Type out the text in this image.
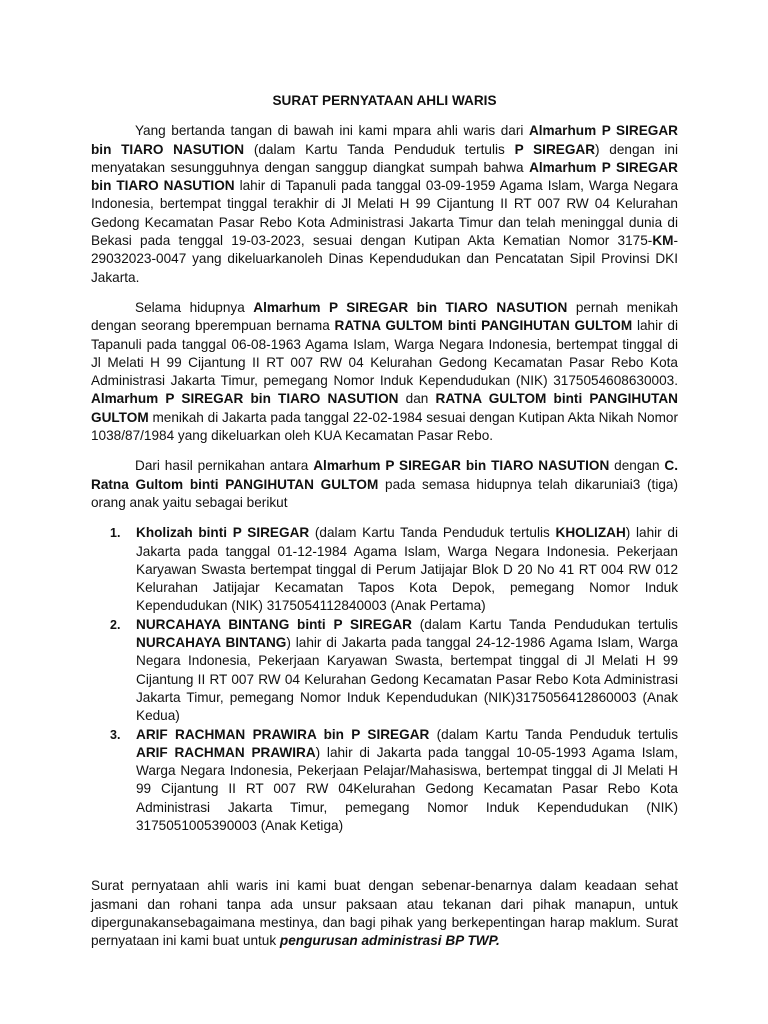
SURAT PERNYATAAN AHLI WARIS

Yang bertanda tangan di bawah ini kami mpara ahli waris dari Almarhum P SIREGAR bin TIARO NASUTION (dalam Kartu Tanda Penduduk tertulis P SIREGAR) dengan ini menyatakan sesungguhnya dengan sanggup diangkat sumpah bahwa Almarhum P SIREGAR bin TIARO NASUTION lahir di Tapanuli pada tanggal 03-09-1959 Agama Islam, Warga Negara Indonesia, bertempat tinggal terakhir di Jl Melati H 99 Cijantung II RT 007 RW 04 Kelurahan Gedong Kecamatan Pasar Rebo Kota Administrasi Jakarta Timur dan telah meninggal dunia di Bekasi pada tenggal 19-03-2023, sesuai dengan Kutipan Akta Kematian Nomor 3175-KM-29032023-0047 yang dikeluarkanoleh Dinas Kependudukan dan Pencatatan Sipil Provinsi DKI Jakarta.

Selama hidupnya Almarhum P SIREGAR bin TIARO NASUTION pernah menikah dengan seorang bperempuan bernama RATNA GULTOM binti PANGIHUTAN GULTOM lahir di Tapanuli pada tanggal 06-08-1963 Agama Islam, Warga Negara Indonesia, bertempat tinggal di Jl Melati H 99 Cijantung II RT 007 RW 04 Kelurahan Gedong Kecamatan Pasar Rebo Kota Administrasi Jakarta Timur, pemegang Nomor Induk Kependudukan (NIK) 3175054608630003. Almarhum P SIREGAR bin TIARO NASUTION dan RATNA GULTOM binti PANGIHUTAN GULTOM menikah di Jakarta pada tanggal 22-02-1984 sesuai dengan Kutipan Akta Nikah Nomor 1038/87/1984 yang dikeluarkan oleh KUA Kecamatan Pasar Rebo.

Dari hasil pernikahan antara Almarhum P SIREGAR bin TIARO NASUTION dengan C. Ratna Gultom binti PANGIHUTAN GULTOM pada semasa hidupnya telah dikaruniai3 (tiga) orang anak yaitu sebagai berikut

1. Kholizah binti P SIREGAR (dalam Kartu Tanda Penduduk tertulis KHOLIZAH) lahir di Jakarta pada tanggal 01-12-1984 Agama Islam, Warga Negara Indonesia. Pekerjaan Karyawan Swasta bertempat tinggal di Perum Jatijajar Blok D 20 No 41 RT 004 RW 012 Kelurahan Jatijajar Kecamatan Tapos Kota Depok, pemegang Nomor Induk Kependudukan (NIK) 3175054112840003 (Anak Pertama)
2. NURCAHAYA BINTANG binti P SIREGAR (dalam Kartu Tanda Pendudukan tertulis NURCAHAYA BINTANG) lahir di Jakarta pada tanggal 24-12-1986 Agama Islam, Warga Negara Indonesia, Pekerjaan Karyawan Swasta, bertempat tinggal di Jl Melati H 99 Cijantung II RT 007 RW 04 Kelurahan Gedong Kecamatan Pasar Rebo Kota Administrasi Jakarta Timur, pemegang Nomor Induk Kependudukan (NIK)3175056412860003 (Anak Kedua)
3. ARIF RACHMAN PRAWIRA bin P SIREGAR (dalam Kartu Tanda Penduduk tertulis ARIF RACHMAN PRAWIRA) lahir di Jakarta pada tanggal 10-05-1993 Agama Islam, Warga Negara Indonesia, Pekerjaan Pelajar/Mahasiswa, bertempat tinggal di Jl Melati H 99 Cijantung II RT 007 RW 04Kelurahan Gedong Kecamatan Pasar Rebo Kota Administrasi Jakarta Timur, pemegang Nomor Induk Kependudukan (NIK) 3175051005390003 (Anak Ketiga)

Surat pernyataan ahli waris ini kami buat dengan sebenar-benarnya dalam keadaan sehat jasmani dan rohani tanpa ada unsur paksaan atau tekanan dari pihak manapun, untuk dipergunakansebagaimana mestinya, dan bagi pihak yang berkepentingan harap maklum. Surat pernyataan ini kami buat untuk pengurusan administrasi BP TWP.
